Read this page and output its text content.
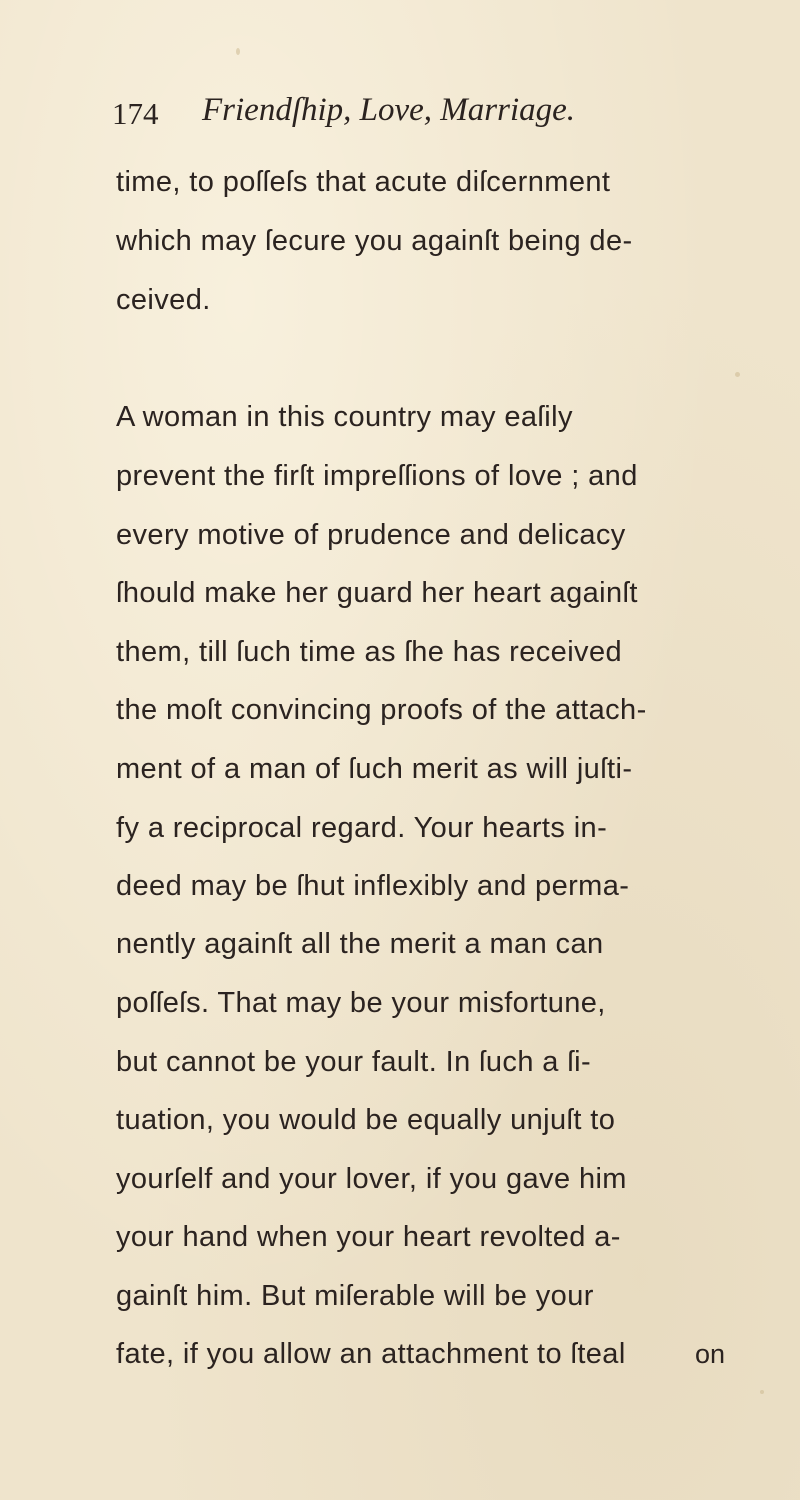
174 Friendſhip, Love, Marriage.
time, to poſſeſs that acute diſcernment
which may ſecure you againſt being de-
ceived.
A woman in this country may eaſily
prevent the firſt impreſſions of love ; and
every motive of prudence and delicacy
ſhould make her guard her heart againſt
them, till ſuch time as ſhe has received
the moſt convincing proofs of the attach-
ment of a man of ſuch merit as will juſti-
fy a reciprocal regard. Your hearts in-
deed may be ſhut inflexibly and perma-
nently againſt all the merit a man can
poſſeſs. That may be your misfortune,
but cannot be your fault. In ſuch a ſi-
tuation, you would be equally unjuſt to
yourſelf and your lover, if you gave him
your hand when your heart revolted a-
gainſt him. But miſerable will be your
fate, if you allow an attachment to ſteal	on
